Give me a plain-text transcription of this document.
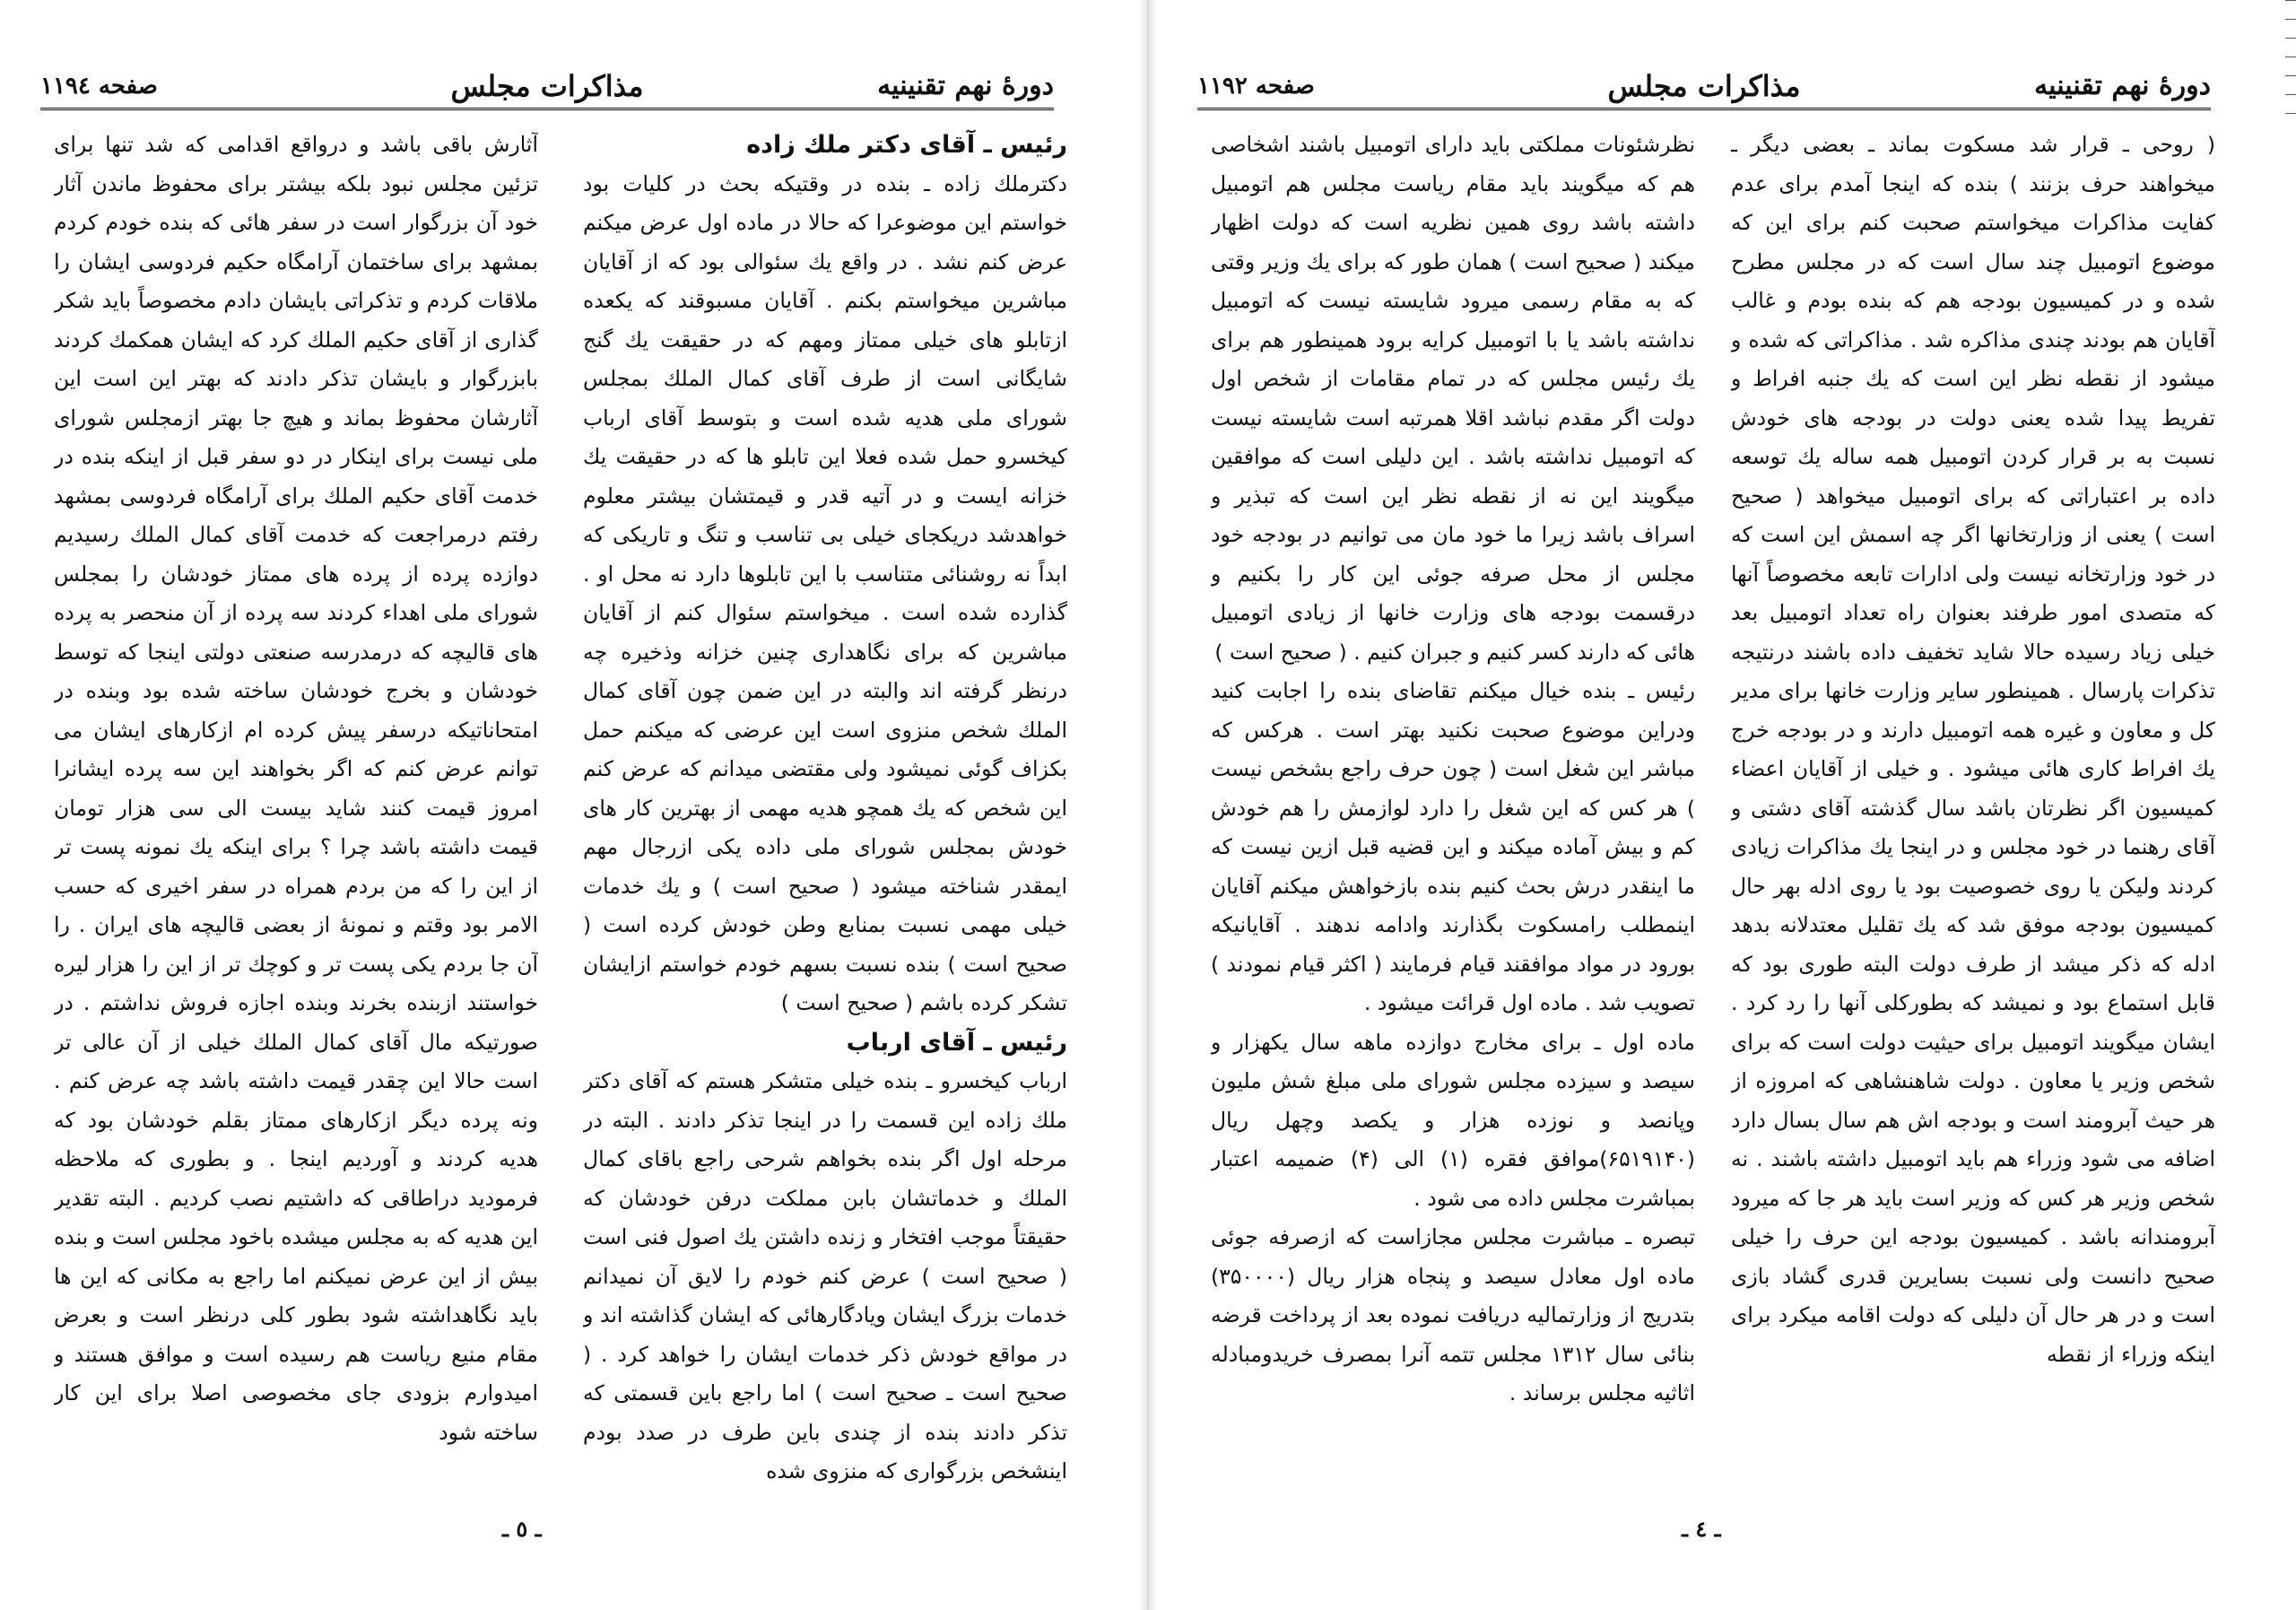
دورهٔ نهم تقنینیه
مذاکرات مجلس
صفحه ۱۱۹٤

رئیس ـ آقای دکتر ملك زاده

دکترملك زاده ـ بنده در وقتیکه بحث در کلیات بود خواستم این موضوعرا که حالا در ماده اول عرض میکنم عرض کنم نشد . در واقع یك سئوالی بود که از آقایان مباشرین میخواستم بکنم . آقایان مسبوقند که یکعده ازتابلو های خیلی ممتاز ومهم که در حقیقت یك گنج شایگانی است از طرف آقای کمال الملك بمجلس شورای ملی هدیه شده است و بتوسط آقای ارباب کیخسرو حمل شده فعلا این تابلو ها که در حقیقت یك خزانه ایست و در آتیه قدر و قیمتشان بیشتر معلوم خواهدشد دریکجای خیلی بی تناسب و تنگ و تاریکی که ابداً نه روشنائی متناسب با این تابلوها دارد نه محل او . گذارده شده است . میخواستم سئوال کنم از آقایان مباشرین که برای نگاهداری چنین خزانه وذخیره چه درنظر گرفته اند والبته در این ضمن چون آقای کمال الملك شخص منزوی است این عرضی که میکنم حمل بکزاف گوئی نمیشود ولی مقتضی میدانم که عرض کنم این شخص که یك همچو هدیه مهمی از بهترین کار های خودش بمجلس شورای ملی داده یکی ازرجال مهم ایمقدر شناخته میشود ( صحیح است ) و یك خدمات خیلی مهمی نسبت بمنابع وطن خودش کرده است ( صحیح است ) بنده نسبت بسهم خودم خواستم ازایشان تشکر کرده باشم ( صحیح است )

رئیس ـ آقای ارباب

ارباب کیخسرو ـ بنده خیلی متشکر هستم که آقای دکتر ملك زاده این قسمت را در اینجا تذکر دادند . البته در مرحله اول اگر بنده بخواهم شرحی راجع باقای کمال الملك و خدماتشان بابن مملکت درفن خودشان که حقیقتاً موجب افتخار و زنده داشتن یك اصول فنی است ( صحیح است ) عرض کنم خودم را لایق آن نمیدانم خدمات بزرگ ایشان ویادگارهائی که ایشان گذاشته اند و در مواقع خودش ذکر خدمات ایشان را خواهد کرد . ( صحیح است ـ صحیح است ) اما راجع باین قسمتی که تذکر دادند بنده از چندی باین طرف در صدد بودم اینشخص بزرگواری که منزوی شده

آثارش باقی باشد و درواقع اقدامی که شد تنها برای تزئین مجلس نبود بلکه بیشتر برای محفوظ ماندن آثار خود آن بزرگوار است در سفر هائی که بنده خودم کردم بمشهد برای ساختمان آرامگاه حکیم فردوسی ایشان را ملاقات کردم و تذکراتی بایشان دادم مخصوصاً باید شکر گذاری از آقای حکیم الملك کرد که ایشان همکمك کردند بابزرگوار و بایشان تذکر دادند که بهتر این است این آثارشان محفوظ بماند و هیچ جا بهتر ازمجلس شورای ملی نیست برای اینکار در دو سفر قبل از اینکه بنده در خدمت آقای حکیم الملك برای آرامگاه فردوسی بمشهد رفتم درمراجعت که خدمت آقای کمال الملك رسیدیم دوازده پرده از پرده های ممتاز خودشان را بمجلس شورای ملی اهداء کردند سه پرده از آن منحصر به پرده های قالیچه که درمدرسه صنعتی دولتی اینجا که توسط خودشان و بخرج خودشان ساخته شده بود وبنده در امتحاناتیکه درسفر پیش کرده ام ازکارهای ایشان می توانم عرض کنم که اگر بخواهند این سه پرده ایشانرا امروز قیمت کنند شاید بیست الی سی هزار تومان قیمت داشته باشد چرا ؟ برای اینکه یك نمونه پست تر از این را که من بردم همراه در سفر اخیری که حسب الامر بود وقتم و نمونهٔ از بعضی قالیچه های ایران . را آن جا بردم یکی پست تر و کوچك تر از این را هزار لیره خواستند ازبنده بخرند وبنده اجازه فروش نداشتم . در صورتیکه مال آقای کمال الملك خیلی از آن عالی تر است حالا این چقدر قیمت داشته باشد چه عرض کنم . ونه پرده دیگر ازکارهای ممتاز بقلم خودشان بود که هدیه کردند و آوردیم اینجا . و بطوری که ملاحظه فرمودید دراطاقی که داشتیم نصب کردیم . البته تقدیر این هدیه که به مجلس میشده باخود مجلس است و بنده بیش از این عرض نمیکنم اما راجع به مکانی که این ها باید نگاهداشته شود بطور کلی درنظر است و بعرض مقام منیع ریاست هم رسیده است و موافق هستند و امیدوارم بزودی جای مخصوصی اصلا برای این کار ساخته شود

ـ ٥ ـ
دورهٔ نهم تقنینیه
مذاکرات مجلس
صفحه ۱۱۹۲

( روحی ـ قرار شد مسکوت بماند ـ بعضی دیگر ـ میخواهند حرف بزنند ) بنده که اینجا آمدم برای عدم کفایت مذاکرات میخواستم صحبت کنم برای این که موضوع اتومبیل چند سال است که در مجلس مطرح شده و در کمیسیون بودجه هم که بنده بودم و غالب آقایان هم بودند چندی مذاکره شد . مذاکراتی که شده و میشود از نقطه نظر این است که یك جنبه افراط و تفریط پیدا شده یعنی دولت در بودجه های خودش نسبت به بر قرار کردن اتومبیل همه ساله یك توسعه داده بر اعتباراتی که برای اتومبیل میخواهد ( صحیح است ) یعنی از وزارتخانها اگر چه اسمش این است که در خود وزارتخانه نیست ولی ادارات تابعه مخصوصاً آنها که متصدی امور طرفند بعنوان راه تعداد اتومبیل بعد خیلی زیاد رسیده حالا شاید تخفیف داده باشند درنتیجه تذکرات پارسال . همینطور سایر وزارت خانها برای مدیر کل و معاون و غیره همه اتومبیل دارند و در بودجه خرج یك افراط کاری هائی میشود . و خیلی از آقایان اعضاء کمیسیون اگر نظرتان باشد سال گذشته آقای دشتی و آقای رهنما در خود مجلس و در اینجا یك مذاکرات زیادی کردند ولیکن یا روی خصوصیت بود یا روی ادله بهر حال کمیسیون بودجه موفق شد که یك تقلیل معتدلانه بدهد ادله که ذکر میشد از طرف دولت البته طوری بود که قابل استماع بود و نمیشد که بطورکلی آنها را رد کرد . ایشان میگویند اتومبیل برای حیثیت دولت است که برای شخص وزیر یا معاون . دولت شاهنشاهی که امروزه از هر حیث آبرومند است و بودجه اش هم سال بسال دارد اضافه می شود وزراء هم باید اتومبیل داشته باشند . نه شخص وزیر هر کس که وزیر است باید هر جا که میرود آبرومندانه باشد . کمیسیون بودجه این حرف را خیلی صحیح دانست ولی نسبت بسایرین قدری گشاد بازی است و در هر حال آن دلیلی که دولت اقامه میکرد برای اینکه وزراء از نقطه

نظرشئونات مملکتی باید دارای اتومبیل باشند اشخاصی هم که میگویند باید مقام ریاست مجلس هم اتومبیل داشته باشد روی همین نظریه است که دولت اظهار میکند ( صحیح است ) همان طور که برای یك وزیر وقتی که به مقام رسمی میرود شایسته نیست که اتومبیل نداشته باشد یا با اتومبیل کرایه برود همینطور هم برای یك رئیس مجلس که در تمام مقامات از شخص اول دولت اگر مقدم نباشد اقلا همرتبه است شایسته نیست که اتومبیل نداشته باشد . این دلیلی است که موافقین میگویند این نه از نقطه نظر این است که تبذیر و اسراف باشد زیرا ما خود مان می توانیم در بودجه خود مجلس از محل صرفه جوئی این کار را بکنیم و درقسمت بودجه های وزارت خانها از زیادی اتومبیل هائی که دارند کسر کنیم و جبران کنیم . ( صحیح است )

رئیس ـ بنده خیال میکنم تقاضای بنده را اجابت کنید ودراین موضوع صحبت نکنید بهتر است . هرکس که مباشر این شغل است ( چون حرف راجع بشخص نیست ) هر کس که این شغل را دارد لوازمش را هم خودش کم و بیش آماده میکند و این قضیه قبل ازین نیست که ما اینقدر درش بحث کنیم بنده بازخواهش میکنم آقایان اینمطلب رامسکوت بگذارند وادامه ندهند . آقایانیکه بورود در مواد موافقند قیام فرمایند ( اکثر قیام نمودند ) تصویب شد . ماده اول قرائت میشود .

ماده اول ـ برای مخارج دوازده ماهه سال یکهزار و سیصد و سیزده مجلس شورای ملی مبلغ شش ملیون وپانصد و نوزده هزار و یکصد وچهل ریال (۶۵۱۹۱۴۰)موافق فقره (۱) الی (۴) ضمیمه اعتبار بمباشرت مجلس داده می شود .

تبصره ـ مباشرت مجلس مجازاست که ازصرفه جوئی ماده اول معادل سیصد و پنجاه هزار ریال (۳۵۰۰۰۰) بتدریج از وزارتمالیه دریافت نموده بعد از پرداخت قرضه بنائی سال ۱۳۱۲ مجلس تتمه آنرا بمصرف خریدومبادله اثاثیه مجلس برساند .

ـ ٤ ـ
